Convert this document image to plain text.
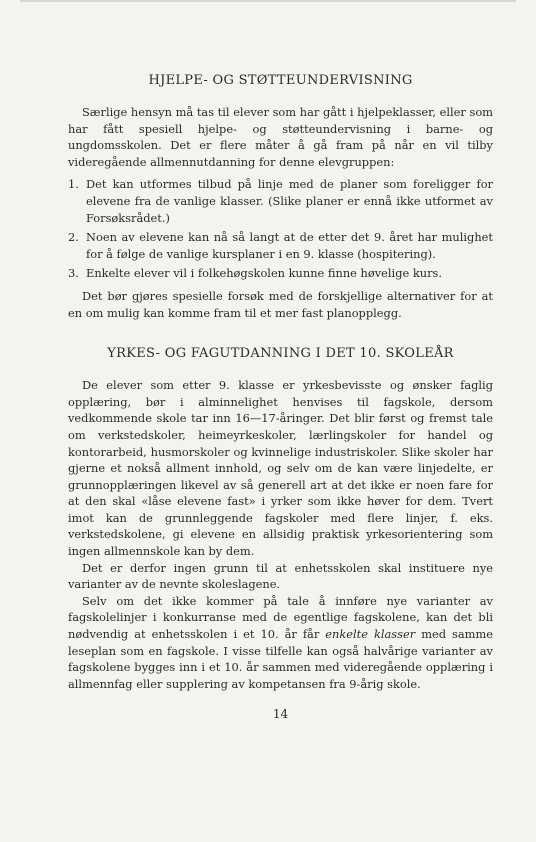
HJELPE- OG STØTTEUNDERVISNING

Særlige hensyn må tas til elever som har gått i hjelpeklasser, eller som har fått spesiell hjelpe- og støtteundervisning i barne- og ungdomsskolen. Det er flere måter å gå fram på når en vil tilby videregående allmennutdanning for denne elevgruppen:

1. Det kan utformes tilbud på linje med de planer som foreligger for elevene fra de vanlige klasser. (Slike planer er ennå ikke utformet av Forsøksrådet.)
2. Noen av elevene kan nå så langt at de etter det 9. året har mulighet for å følge de vanlige kursplaner i en 9. klasse (hospitering).
3. Enkelte elever vil i folkehøgskolen kunne finne høvelige kurs.

Det bør gjøres spesielle forsøk med de forskjellige alternativer for at en om mulig kan komme fram til et mer fast planopplegg.

YRKES- OG FAGUTDANNING I DET 10. SKOLEÅR

De elever som etter 9. klasse er yrkesbevisste og ønsker faglig opplæring, bør i alminnelighet henvises til fagskole, dersom vedkommende skole tar inn 16—17-åringer. Det blir først og fremst tale om verkstedskoler, heimeyrkeskoler, lærlingskoler for handel og kontorarbeid, husmorskoler og kvinnelige industriskoler. Slike skoler har gjerne et nokså allment innhold, og selv om de kan være linjedelte, er grunnopplæringen likevel av så generell art at det ikke er noen fare for at den skal «låse elevene fast» i yrker som ikke høver for dem. Tvert imot kan de grunnleggende fagskoler med flere linjer, f. eks. verkstedskolene, gi elevene en allsidig praktisk yrkesorientering som ingen allmennskole kan by dem.

Det er derfor ingen grunn til at enhetsskolen skal instituere nye varianter av de nevnte skoleslagene.

Selv om det ikke kommer på tale å innføre nye varianter av fagskolelinjer i konkurranse med de egentlige fagskolene, kan det bli nødvendig at enhetsskolen i et 10. år får enkelte klasser med samme leseplan som en fagskole. I visse tilfelle kan også halvårige varianter av fagskolene bygges inn i et 10. år sammen med videregående opplæring i allmennfag eller supplering av kompetansen fra 9-årig skole.

14
